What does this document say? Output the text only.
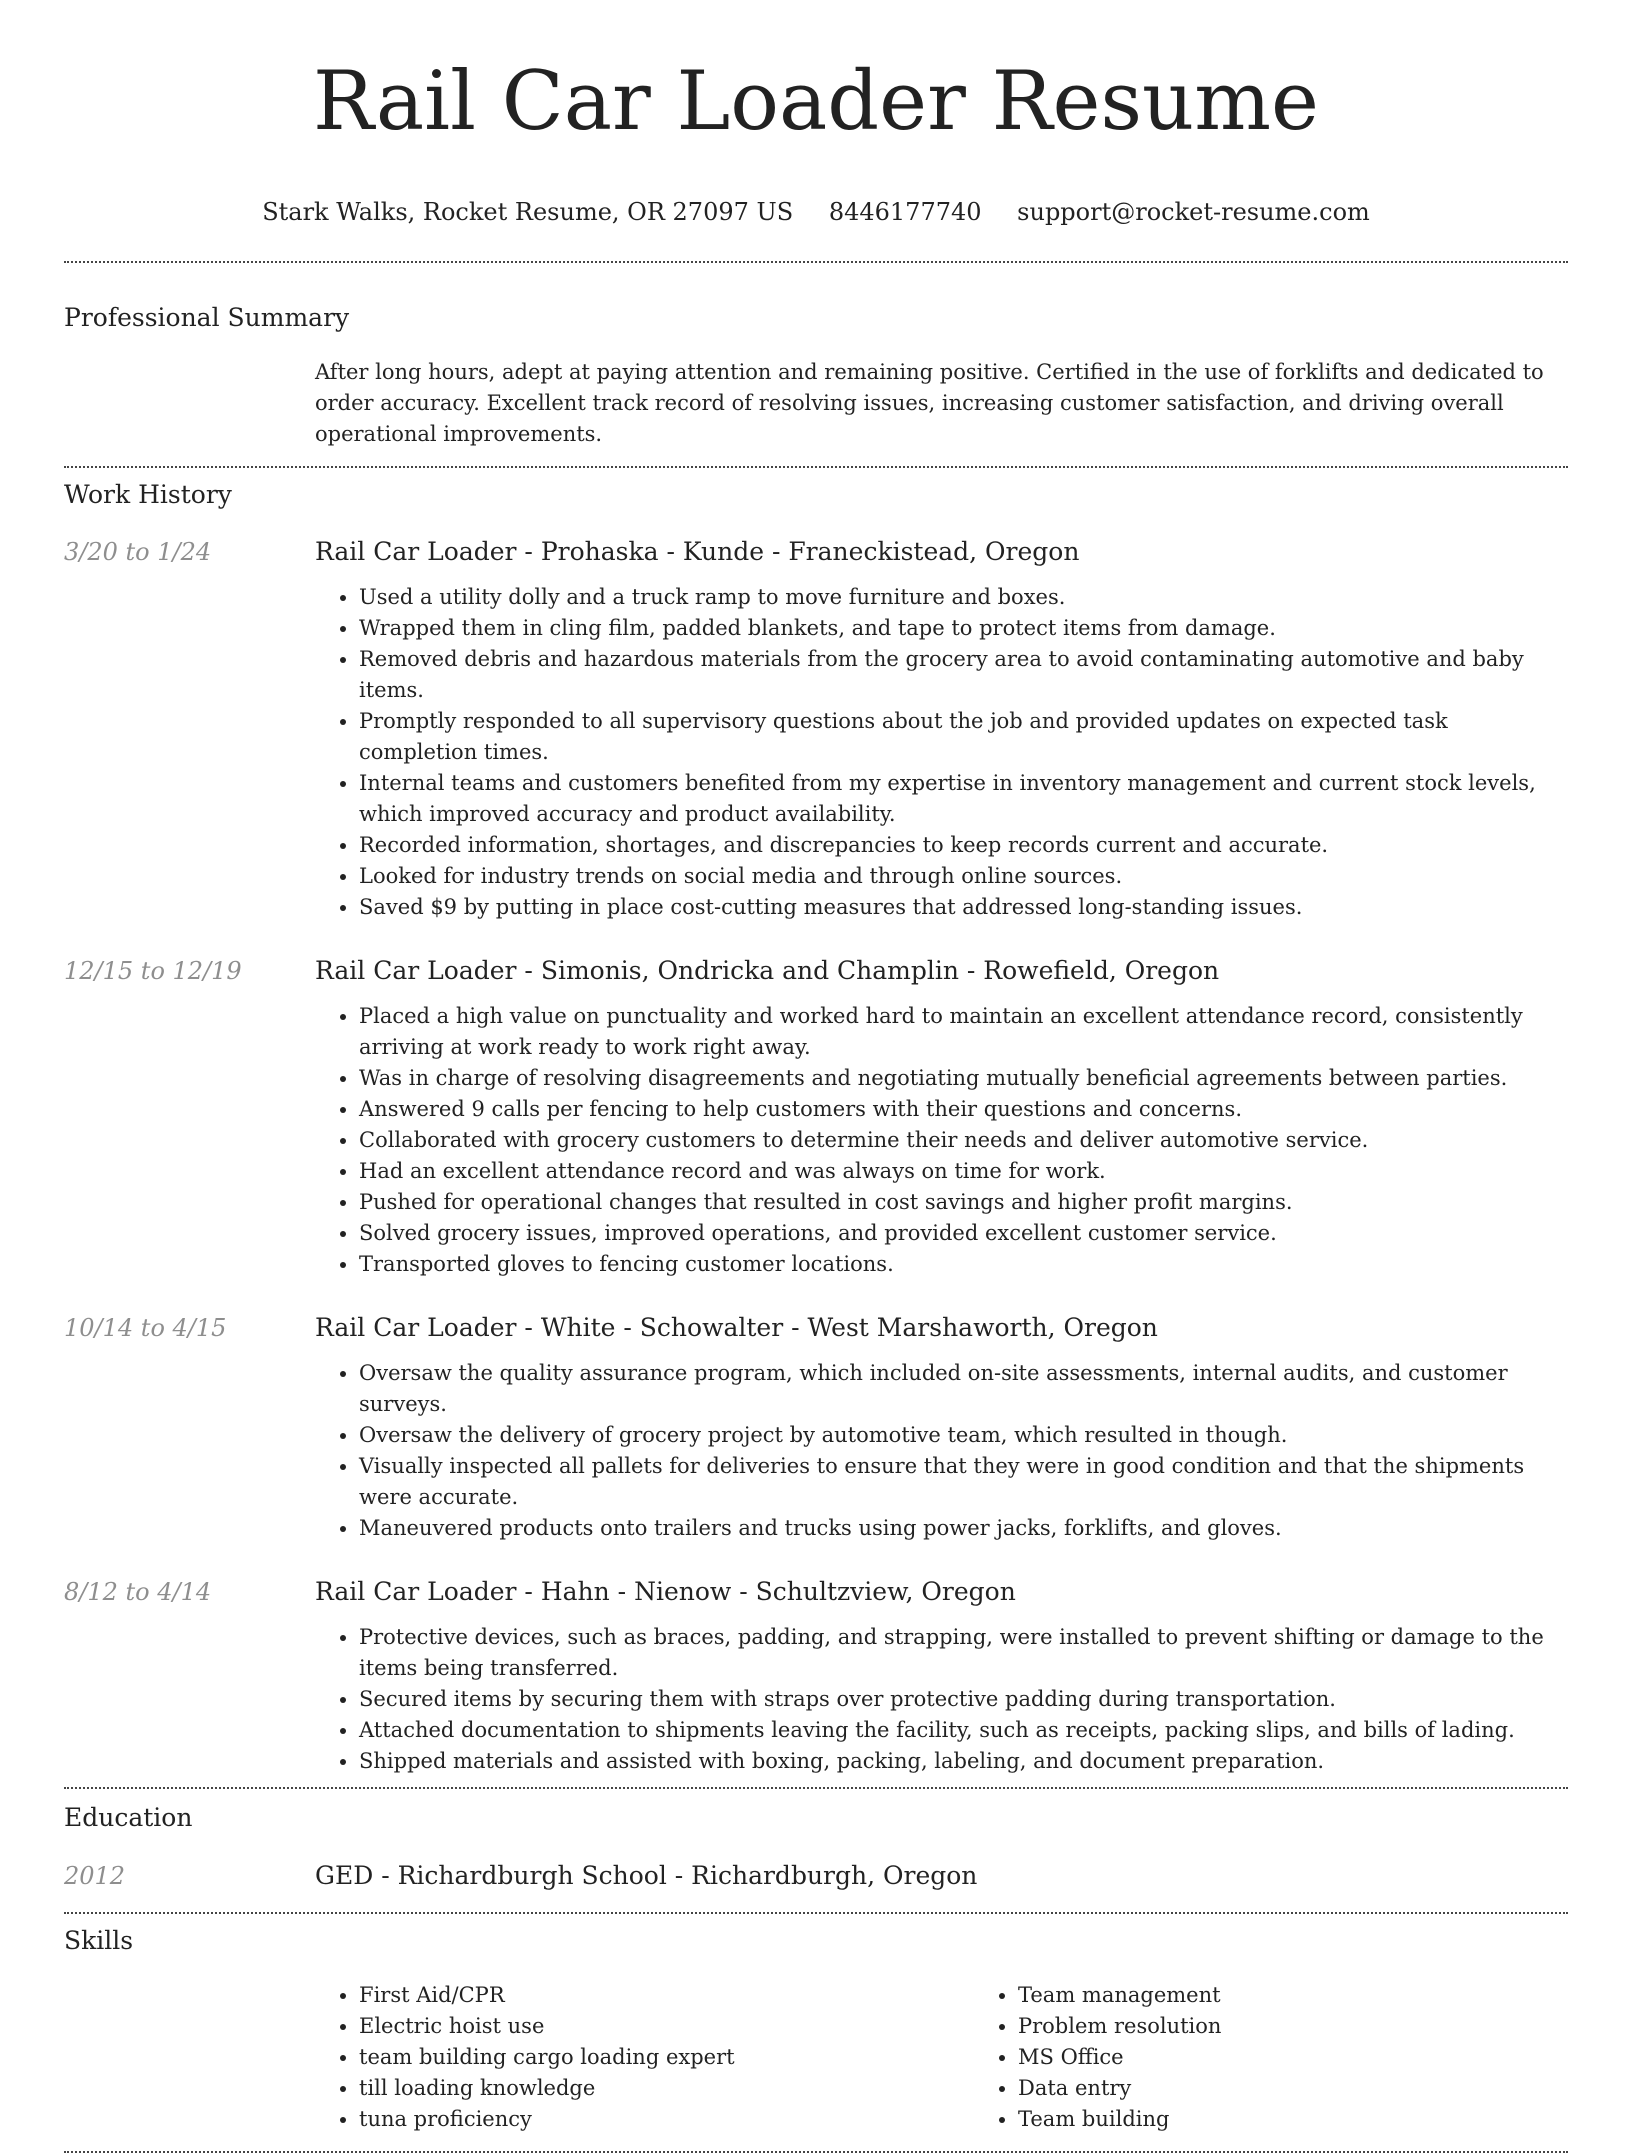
Rail Car Loader Resume
Stark Walks, Rocket Resume, OR 27097 US 8446177740 support@rocket-resume.com
Professional Summary
After long hours, adept at paying attention and remaining positive. Certified in the use of forklifts and dedicated to order accuracy. Excellent track record of resolving issues, increasing customer satisfaction, and driving overall operational improvements.
Work History
3/20 to 1/24	Rail Car Loader - Prohaska - Kunde - Franeckistead, Oregon
• Used a utility dolly and a truck ramp to move furniture and boxes.
• Wrapped them in cling film, padded blankets, and tape to protect items from damage.
• Removed debris and hazardous materials from the grocery area to avoid contaminating automotive and baby items.
• Promptly responded to all supervisory questions about the job and provided updates on expected task completion times.
• Internal teams and customers benefited from my expertise in inventory management and current stock levels, which improved accuracy and product availability.
• Recorded information, shortages, and discrepancies to keep records current and accurate.
• Looked for industry trends on social media and through online sources.
• Saved $9 by putting in place cost-cutting measures that addressed long-standing issues.
12/15 to 12/19	Rail Car Loader - Simonis, Ondricka and Champlin - Rowefield, Oregon
• Placed a high value on punctuality and worked hard to maintain an excellent attendance record, consistently arriving at work ready to work right away.
• Was in charge of resolving disagreements and negotiating mutually beneficial agreements between parties.
• Answered 9 calls per fencing to help customers with their questions and concerns.
• Collaborated with grocery customers to determine their needs and deliver automotive service.
• Had an excellent attendance record and was always on time for work.
• Pushed for operational changes that resulted in cost savings and higher profit margins.
• Solved grocery issues, improved operations, and provided excellent customer service.
• Transported gloves to fencing customer locations.
10/14 to 4/15	Rail Car Loader - White - Schowalter - West Marshaworth, Oregon
• Oversaw the quality assurance program, which included on-site assessments, internal audits, and customer surveys.
• Oversaw the delivery of grocery project by automotive team, which resulted in though.
• Visually inspected all pallets for deliveries to ensure that they were in good condition and that the shipments were accurate.
• Maneuvered products onto trailers and trucks using power jacks, forklifts, and gloves.
8/12 to 4/14	Rail Car Loader - Hahn - Nienow - Schultzview, Oregon
• Protective devices, such as braces, padding, and strapping, were installed to prevent shifting or damage to the items being transferred.
• Secured items by securing them with straps over protective padding during transportation.
• Attached documentation to shipments leaving the facility, such as receipts, packing slips, and bills of lading.
• Shipped materials and assisted with boxing, packing, labeling, and document preparation.
Education
2012	GED - Richardburgh School - Richardburgh, Oregon
Skills
• First Aid/CPR
• Electric hoist use
• team building cargo loading expert
• till loading knowledge
• tuna proficiency
• Team management
• Problem resolution
• MS Office
• Data entry
• Team building
